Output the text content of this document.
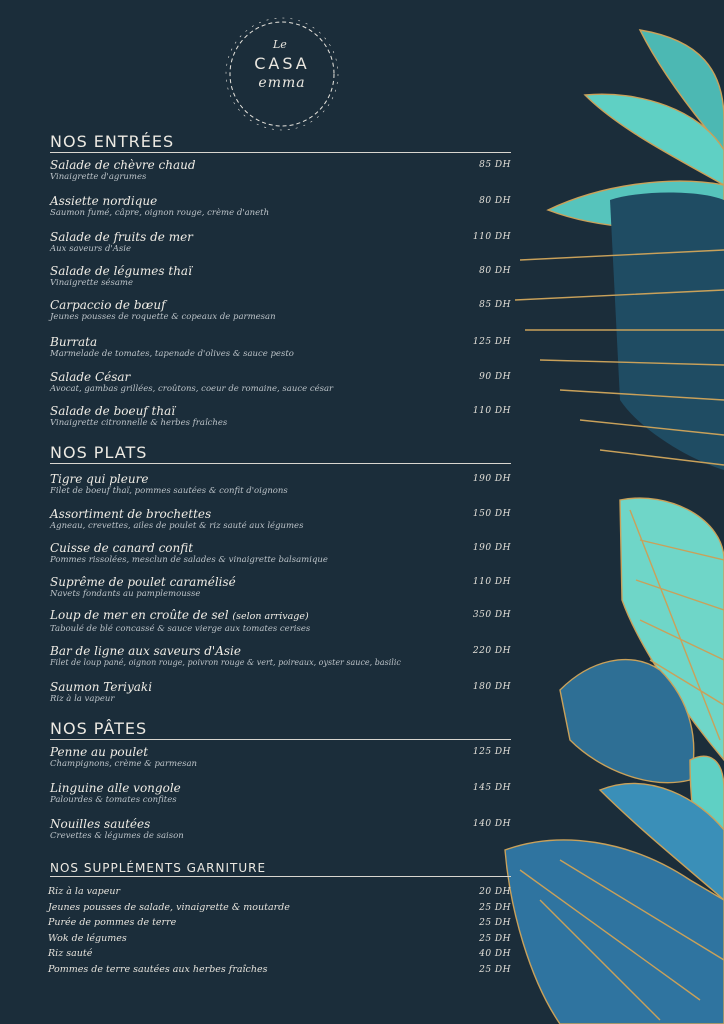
Le
CASA
emma
NOS ENTRÉES
Salade de chèvre chaud
Vinaigrette d'agrumes
85 DH
Assiette nordique
Saumon fumé, câpre, oignon rouge, crème d'aneth
80 DH
Salade de fruits de mer
Aux saveurs d'Asie
110 DH
Salade de légumes thaï
Vinaigrette sésame
80 DH
Carpaccio de bœuf
Jeunes pousses de roquette & copeaux de parmesan
85 DH
Burrata
Marmelade de tomates, tapenade d'olives & sauce pesto
125 DH
Salade César
Avocat, gambas grillées, croûtons, coeur de romaine, sauce césar
90 DH
Salade de boeuf thaï
Vinaigrette citronnelle & herbes fraîches
110 DH
NOS PLATS
Tigre qui pleure
Filet de boeuf thaï, pommes sautées & confit d'oignons
190 DH
Assortiment de brochettes
Agneau, crevettes, ailes de poulet & riz sauté aux légumes
150 DH
Cuisse de canard confit
Pommes rissolées, mesclun de salades & vinaigrette balsamique
190 DH
Suprême de poulet caramélisé
Navets fondants au pamplemousse
110 DH
Loup de mer en croûte de sel (selon arrivage)
Taboulé de blé concassé & sauce vierge aux tomates cerises
350 DH
Bar de ligne aux saveurs d'Asie
Filet de loup pané, oignon rouge, poivron rouge & vert, poireaux, oyster sauce, basilic
220 DH
Saumon Teriyaki
Riz à la vapeur
180 DH
NOS PÂTES
Penne au poulet
Champignons, crème & parmesan
125 DH
Linguine alle vongole
Palourdes & tomates confites
145 DH
Nouilles sautées
Crevettes & légumes de saison
140 DH
NOS SUPPLÉMENTS GARNITURE
Riz à la vapeur	20 DH
Jeunes pousses de salade, vinaigrette & moutarde	25 DH
Purée de pommes de terre	25 DH
Wok de légumes	25 DH
Riz sauté	40 DH
Pommes de terre sautées aux herbes fraîches	25 DH
